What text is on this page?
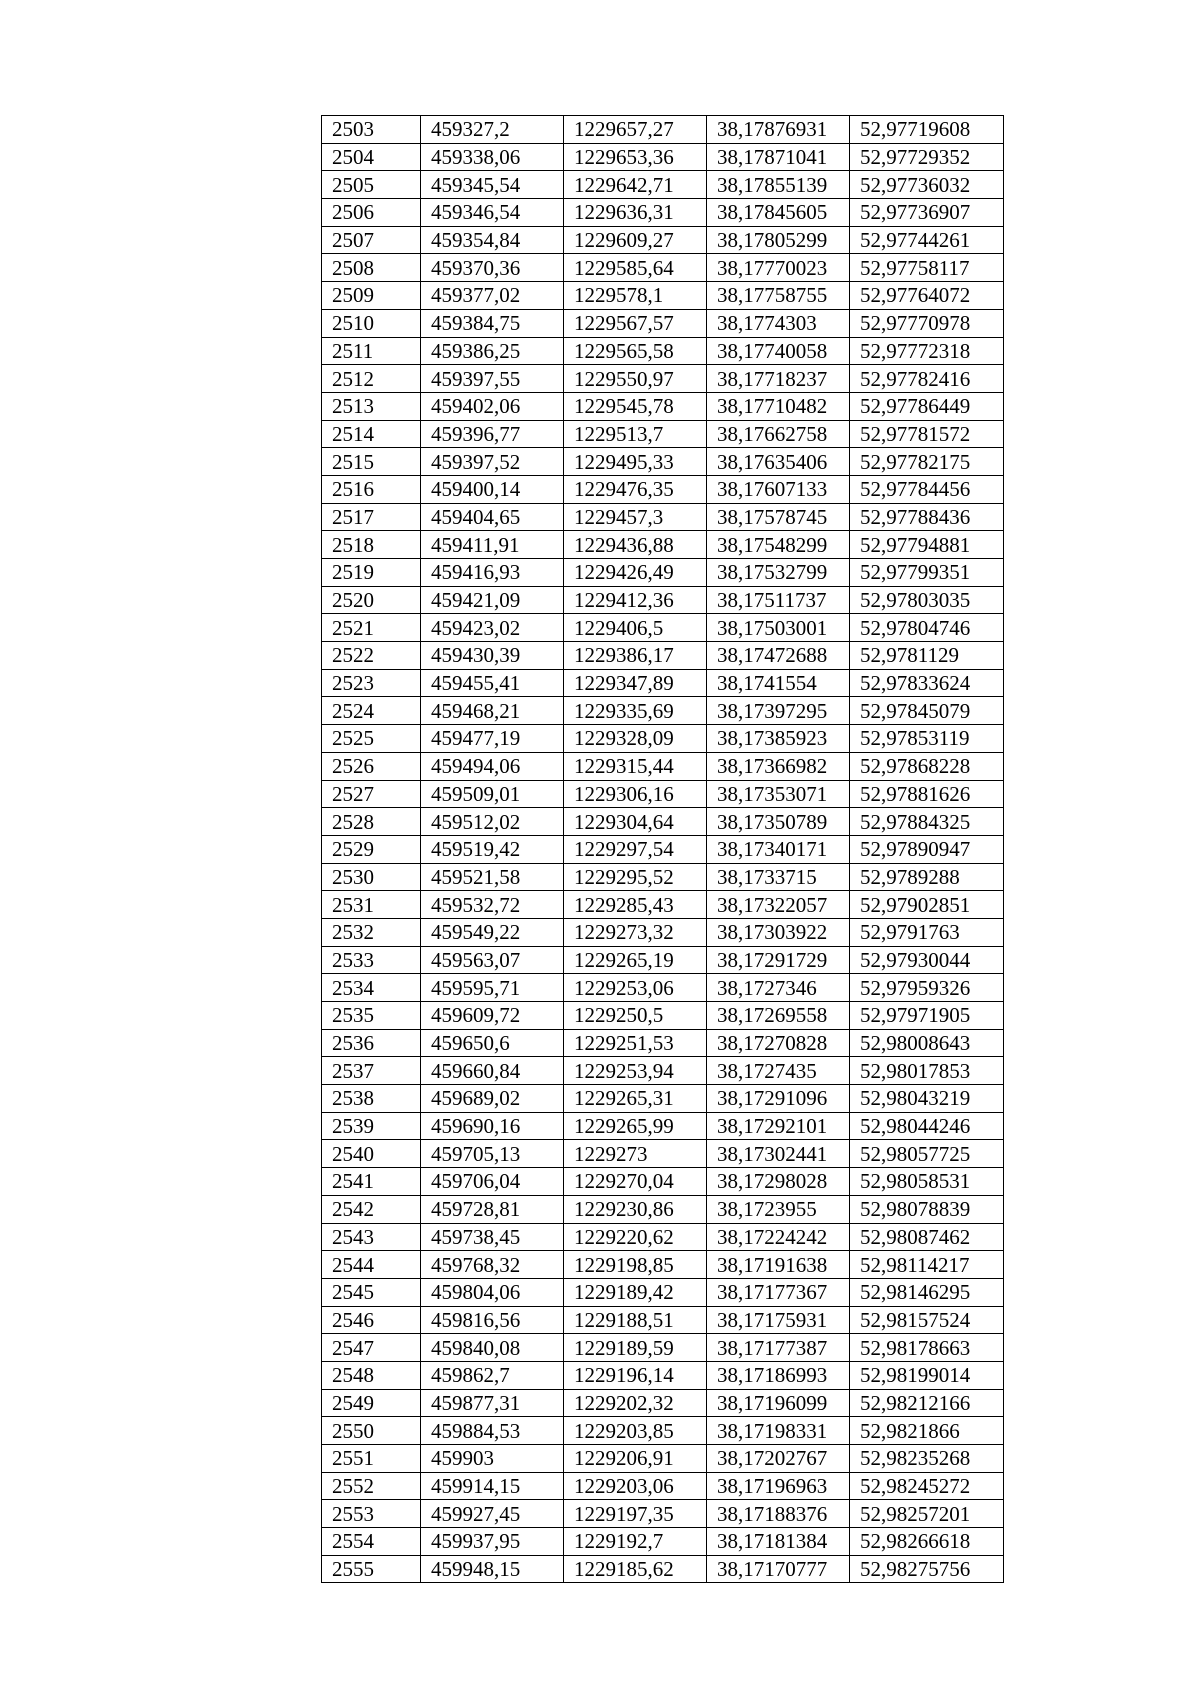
2503	459327,2	1229657,27	38,17876931	52,97719608
2504	459338,06	1229653,36	38,17871041	52,97729352
2505	459345,54	1229642,71	38,17855139	52,97736032
2506	459346,54	1229636,31	38,17845605	52,97736907
2507	459354,84	1229609,27	38,17805299	52,97744261
2508	459370,36	1229585,64	38,17770023	52,97758117
2509	459377,02	1229578,1	38,17758755	52,97764072
2510	459384,75	1229567,57	38,1774303	52,97770978
2511	459386,25	1229565,58	38,17740058	52,97772318
2512	459397,55	1229550,97	38,17718237	52,97782416
2513	459402,06	1229545,78	38,17710482	52,97786449
2514	459396,77	1229513,7	38,17662758	52,97781572
2515	459397,52	1229495,33	38,17635406	52,97782175
2516	459400,14	1229476,35	38,17607133	52,97784456
2517	459404,65	1229457,3	38,17578745	52,97788436
2518	459411,91	1229436,88	38,17548299	52,97794881
2519	459416,93	1229426,49	38,17532799	52,97799351
2520	459421,09	1229412,36	38,17511737	52,97803035
2521	459423,02	1229406,5	38,17503001	52,97804746
2522	459430,39	1229386,17	38,17472688	52,9781129
2523	459455,41	1229347,89	38,1741554	52,97833624
2524	459468,21	1229335,69	38,17397295	52,97845079
2525	459477,19	1229328,09	38,17385923	52,97853119
2526	459494,06	1229315,44	38,17366982	52,97868228
2527	459509,01	1229306,16	38,17353071	52,97881626
2528	459512,02	1229304,64	38,17350789	52,97884325
2529	459519,42	1229297,54	38,17340171	52,97890947
2530	459521,58	1229295,52	38,1733715	52,9789288
2531	459532,72	1229285,43	38,17322057	52,97902851
2532	459549,22	1229273,32	38,17303922	52,9791763
2533	459563,07	1229265,19	38,17291729	52,97930044
2534	459595,71	1229253,06	38,1727346	52,97959326
2535	459609,72	1229250,5	38,17269558	52,97971905
2536	459650,6	1229251,53	38,17270828	52,98008643
2537	459660,84	1229253,94	38,1727435	52,98017853
2538	459689,02	1229265,31	38,17291096	52,98043219
2539	459690,16	1229265,99	38,17292101	52,98044246
2540	459705,13	1229273	38,17302441	52,98057725
2541	459706,04	1229270,04	38,17298028	52,98058531
2542	459728,81	1229230,86	38,1723955	52,98078839
2543	459738,45	1229220,62	38,17224242	52,98087462
2544	459768,32	1229198,85	38,17191638	52,98114217
2545	459804,06	1229189,42	38,17177367	52,98146295
2546	459816,56	1229188,51	38,17175931	52,98157524
2547	459840,08	1229189,59	38,17177387	52,98178663
2548	459862,7	1229196,14	38,17186993	52,98199014
2549	459877,31	1229202,32	38,17196099	52,98212166
2550	459884,53	1229203,85	38,17198331	52,9821866
2551	459903	1229206,91	38,17202767	52,98235268
2552	459914,15	1229203,06	38,17196963	52,98245272
2553	459927,45	1229197,35	38,17188376	52,98257201
2554	459937,95	1229192,7	38,17181384	52,98266618
2555	459948,15	1229185,62	38,17170777	52,98275756
